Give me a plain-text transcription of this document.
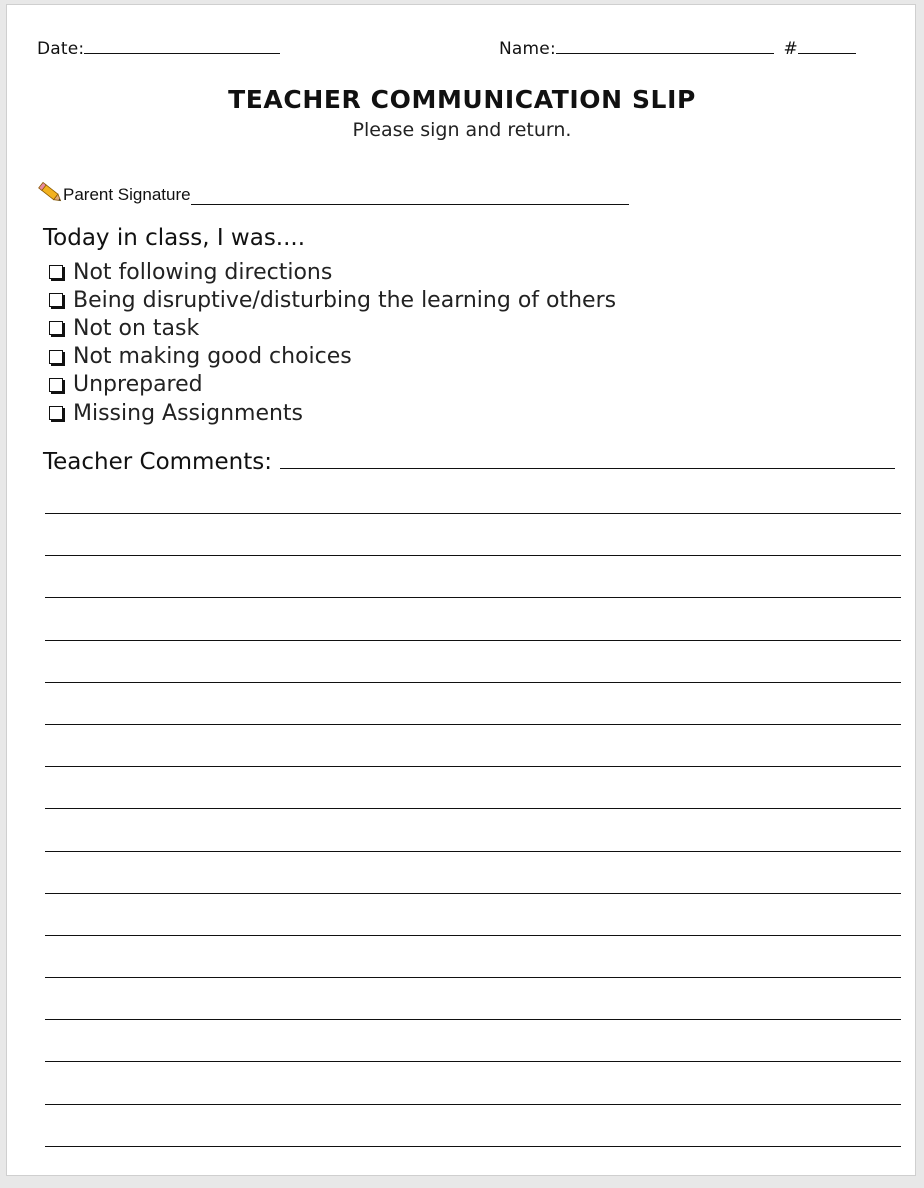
Date:	Name:	#
TEACHER COMMUNICATION SLIP
Please sign and return.
Parent Signature
Today in class, I was....
Not following directions
Being disruptive/disturbing the learning of others
Not on task
Not making good choices
Unprepared
Missing Assignments
Teacher Comments:
